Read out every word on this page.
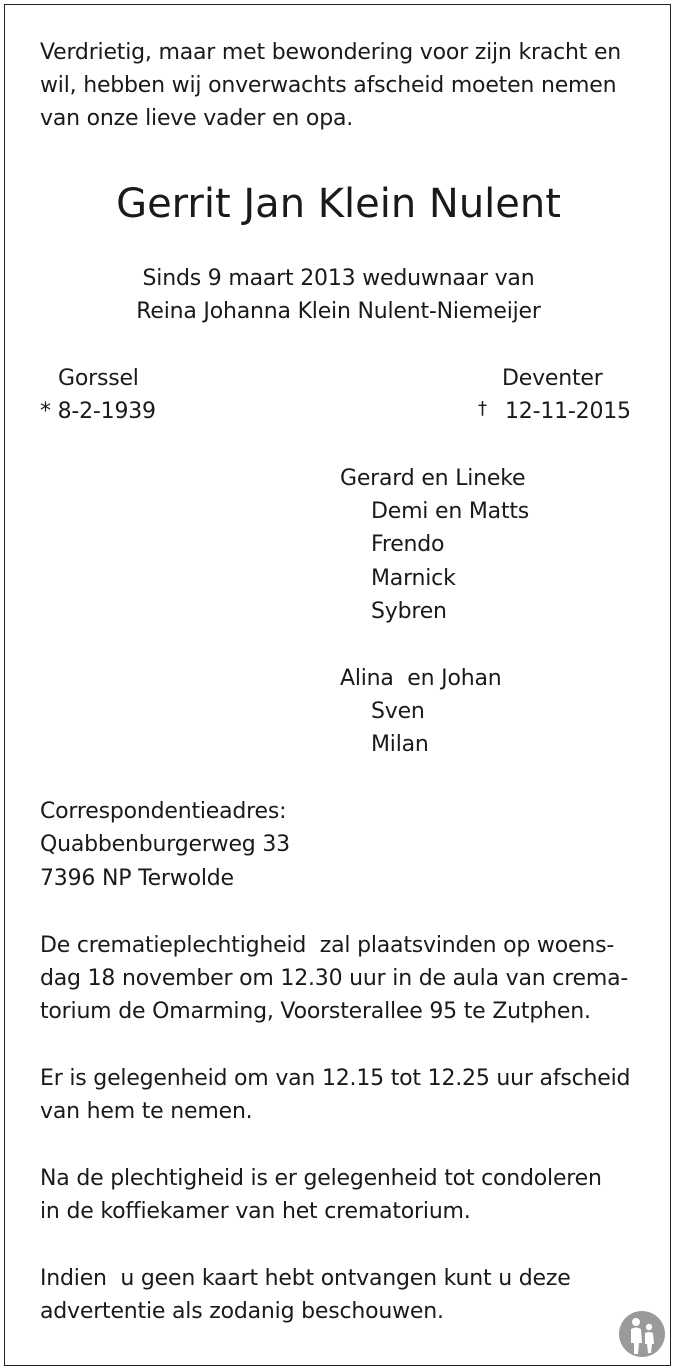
Verdrietig, maar met bewondering voor zijn kracht en
wil, hebben wij onverwachts afscheid moeten nemen
van onze lieve vader en opa.
Gerrit Jan Klein Nulent
Sinds 9 maart 2013 weduwnaar van
Reina Johanna Klein Nulent-Niemeijer
Gorssel
* 8-2-1939
Deventer
† 12-11-2015
Gerard en Lineke
Demi en Matts
Frendo
Marnick
Sybren
Alina  en Johan
Sven
Milan
Correspondentieadres:
Quabbenburgerweg 33
7396 NP Terwolde
De crematieplechtigheid  zal plaatsvinden op woens-
dag 18 november om 12.30 uur in de aula van crema-
torium de Omarming, Voorsterallee 95 te Zutphen.
Er is gelegenheid om van 12.15 tot 12.25 uur afscheid
van hem te nemen.
Na de plechtigheid is er gelegenheid tot condoleren
in de koffiekamer van het crematorium.
Indien  u geen kaart hebt ontvangen kunt u deze
advertentie als zodanig beschouwen.
